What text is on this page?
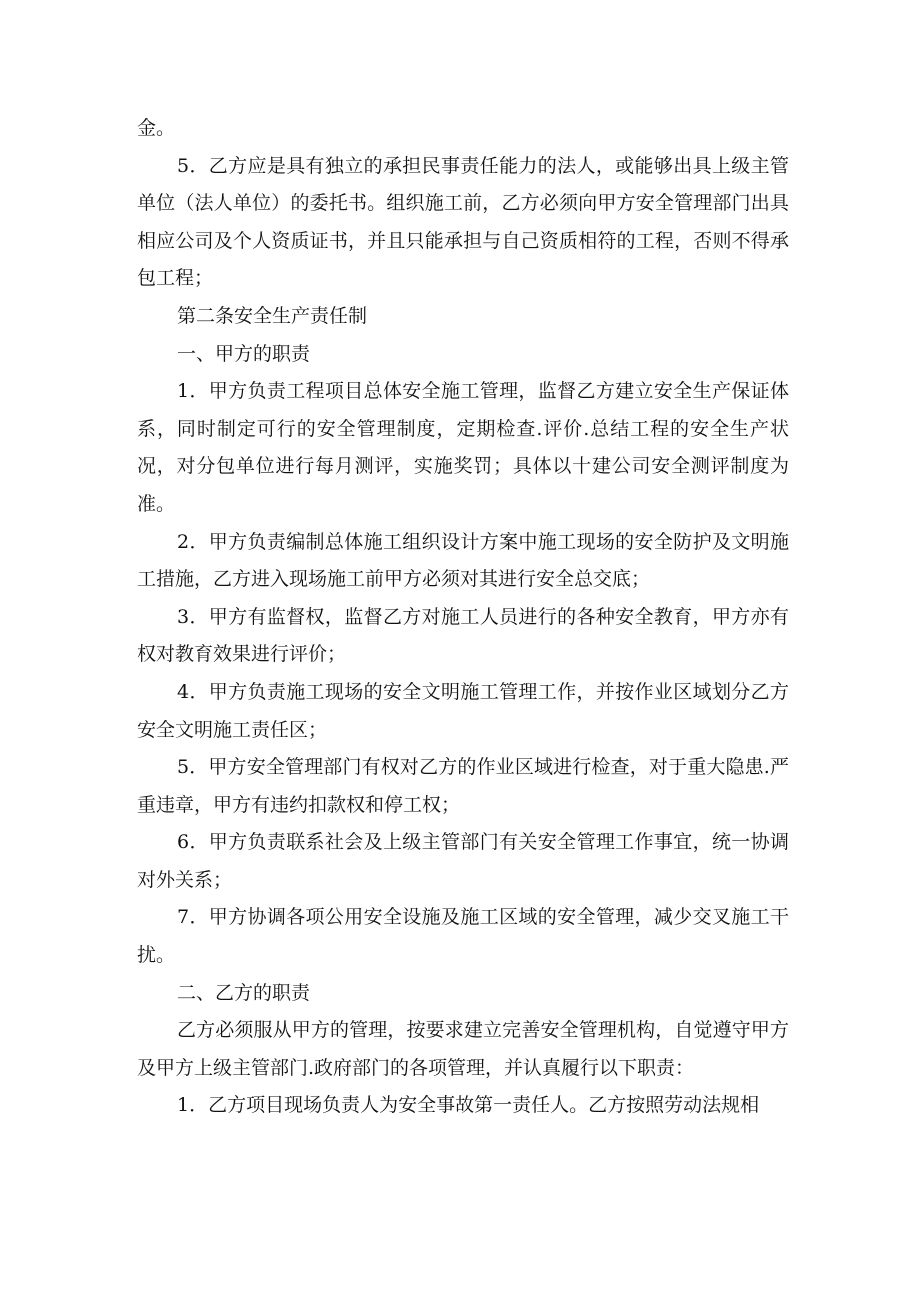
金。

5．乙方应是具有独立的承担民事责任能力的法人，或能够出具上级主管单位（法人单位）的委托书。组织施工前，乙方必须向甲方安全管理部门出具相应公司及个人资质证书，并且只能承担与自己资质相符的工程，否则不得承包工程；

第二条安全生产责任制

一、甲方的职责

1．甲方负责工程项目总体安全施工管理，监督乙方建立安全生产保证体系，同时制定可行的安全管理制度，定期检查.评价.总结工程的安全生产状况，对分包单位进行每月测评，实施奖罚；具体以十建公司安全测评制度为准。

2．甲方负责编制总体施工组织设计方案中施工现场的安全防护及文明施工措施，乙方进入现场施工前甲方必须对其进行安全总交底；

3．甲方有监督权，监督乙方对施工人员进行的各种安全教育，甲方亦有权对教育效果进行评价；

4．甲方负责施工现场的安全文明施工管理工作，并按作业区域划分乙方安全文明施工责任区；

5．甲方安全管理部门有权对乙方的作业区域进行检查，对于重大隐患.严重违章，甲方有违约扣款权和停工权；

6．甲方负责联系社会及上级主管部门有关安全管理工作事宜，统一协调对外关系；

7．甲方协调各项公用安全设施及施工区域的安全管理，减少交叉施工干扰。

二、乙方的职责

乙方必须服从甲方的管理，按要求建立完善安全管理机构，自觉遵守甲方及甲方上级主管部门.政府部门的各项管理，并认真履行以下职责：

1．乙方项目现场负责人为安全事故第一责任人。乙方按照劳动法规相
